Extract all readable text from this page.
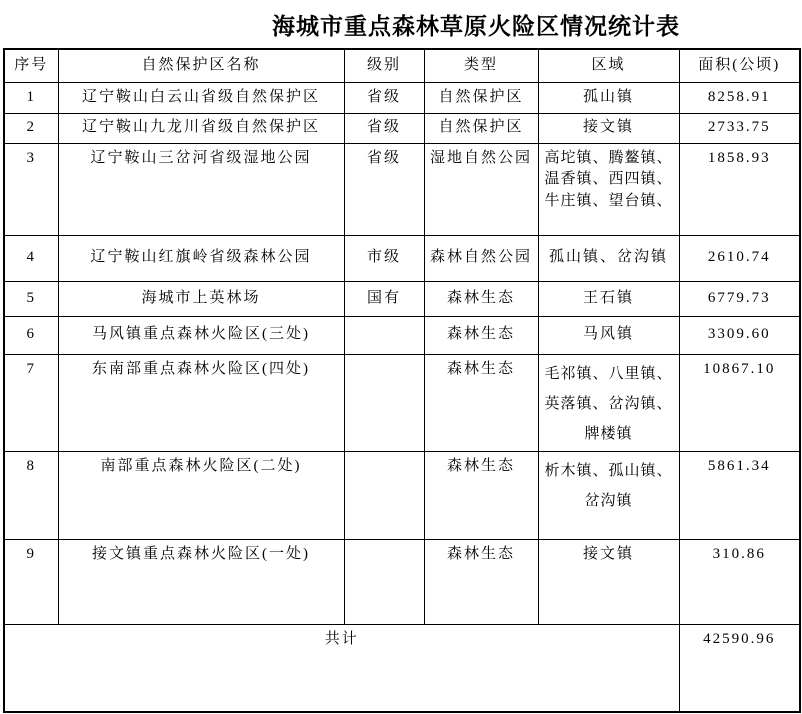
海城市重点森林草原火险区情况统计表
序号	自然保护区名称	级别	类型	区域	面积(公顷)
1	辽宁鞍山白云山省级自然保护区	省级	自然保护区	孤山镇	8258.91
2	辽宁鞍山九龙川省级自然保护区	省级	自然保护区	接文镇	2733.75
3	辽宁鞍山三岔河省级湿地公园	省级	湿地自然公园	高坨镇、腾鳌镇、温香镇、西四镇、牛庄镇、望台镇、	1858.93
4	辽宁鞍山红旗岭省级森林公园	市级	森林自然公园	孤山镇、岔沟镇	2610.74
5	海城市上英林场	国有	森林生态	王石镇	6779.73
6	马风镇重点森林火险区(三处)		森林生态	马风镇	3309.60
7	东南部重点森林火险区(四处)		森林生态	毛祁镇、八里镇、英落镇、岔沟镇、牌楼镇	10867.10
8	南部重点森林火险区(二处)		森林生态	析木镇、孤山镇、岔沟镇	5861.34
9	接文镇重点森林火险区(一处)		森林生态	接文镇	310.86
共计					42590.96
